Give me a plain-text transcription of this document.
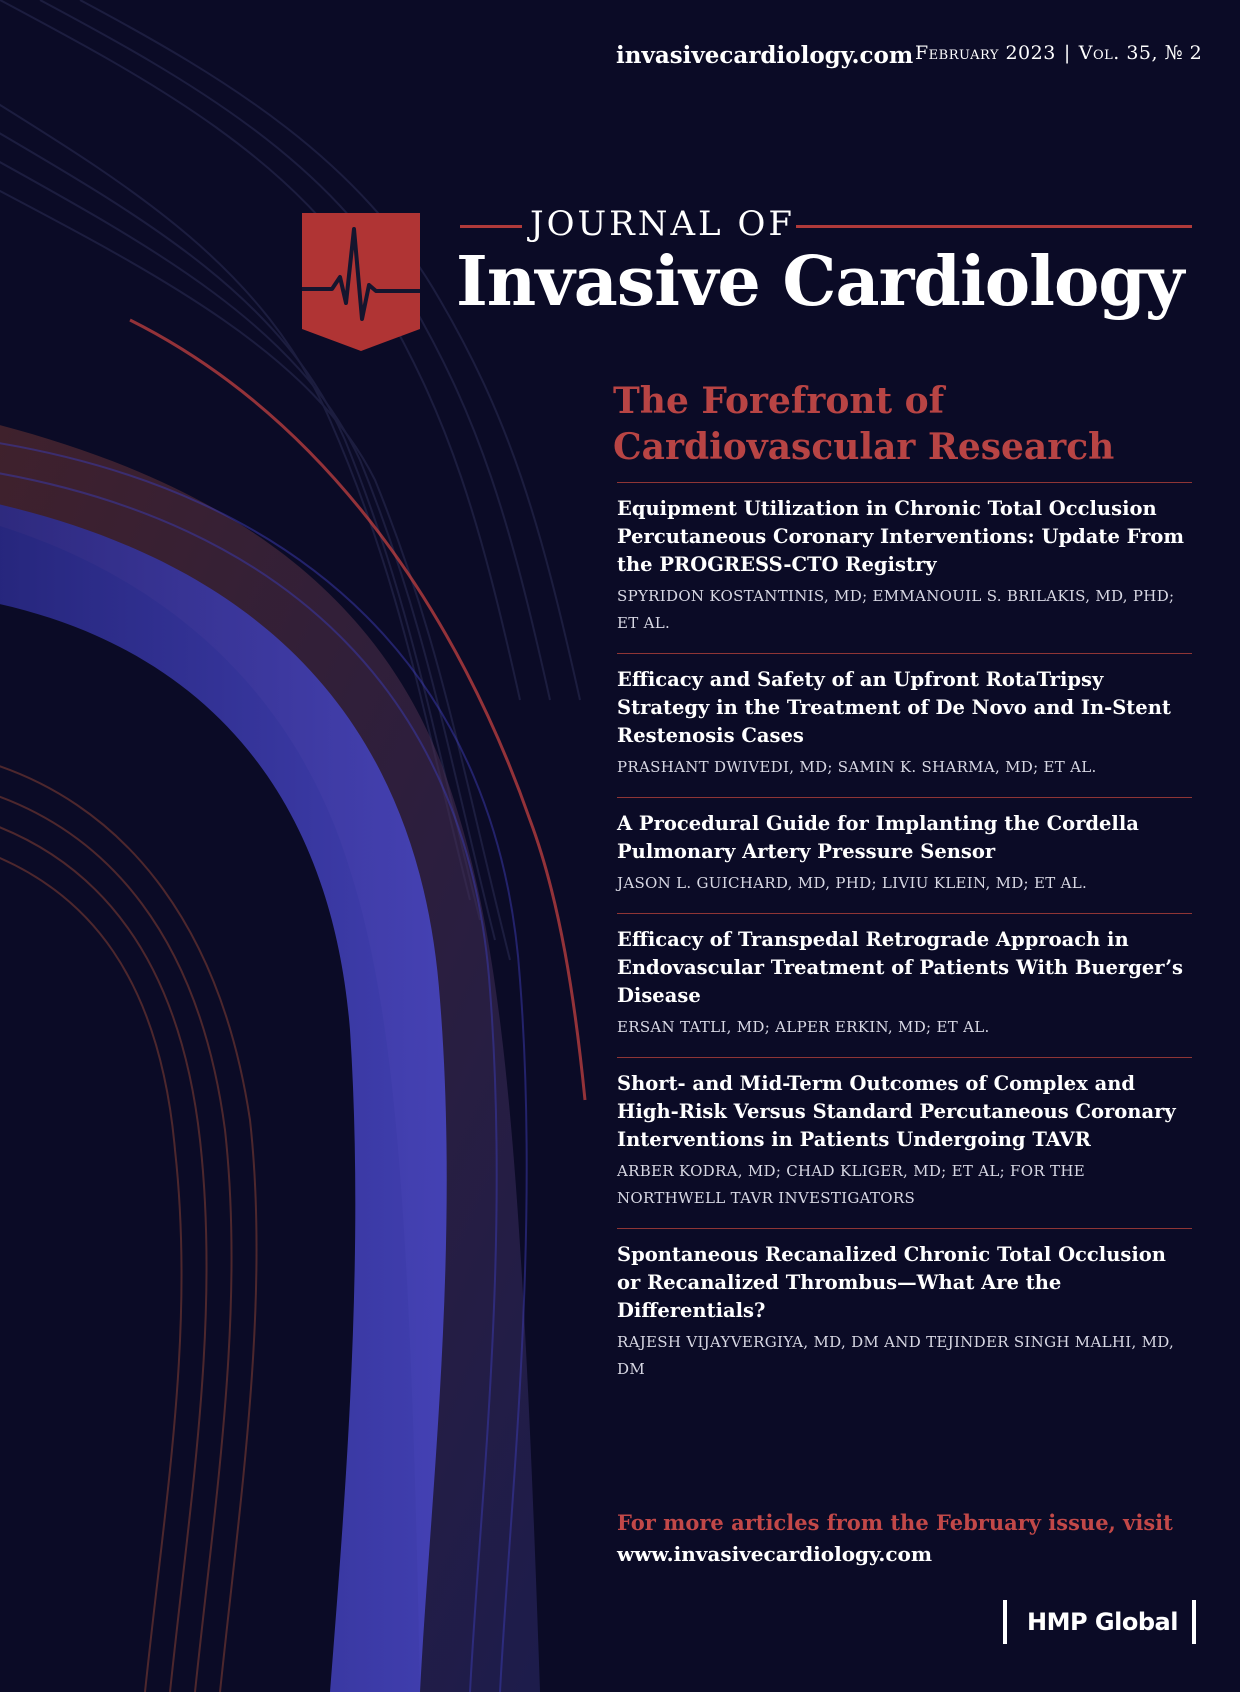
invasivecardiology.com February 2023 | Vol. 35, № 2
JOURNAL OF
Invasive Cardiology
The Forefront of
Cardiovascular Research
Equipment Utilization in Chronic Total Occlusion Percutaneous Coronary Interventions: Update From the PROGRESS-CTO Registry
SPYRIDON KOSTANTINIS, MD; EMMANOUIL S. BRILAKIS, MD, PHD; ET AL.
Efficacy and Safety of an Upfront RotaTripsy Strategy in the Treatment of De Novo and In-Stent Restenosis Cases
PRASHANT DWIVEDI, MD; SAMIN K. SHARMA, MD; ET AL.
A Procedural Guide for Implanting the Cordella Pulmonary Artery Pressure Sensor
JASON L. GUICHARD, MD, PHD; LIVIU KLEIN, MD; ET AL.
Efficacy of Transpedal Retrograde Approach in Endovascular Treatment of Patients With Buerger’s Disease
ERSAN TATLI, MD; ALPER ERKIN, MD; ET AL.
Short- and Mid-Term Outcomes of Complex and High-Risk Versus Standard Percutaneous Coronary Interventions in Patients Undergoing TAVR
ARBER KODRA, MD; CHAD KLIGER, MD; ET AL; FOR THE NORTHWELL TAVR INVESTIGATORS
Spontaneous Recanalized Chronic Total Occlusion or Recanalized Thrombus—What Are the Differentials?
RAJESH VIJAYVERGIYA, MD, DM AND TEJINDER SINGH MALHI, MD, DM
For more articles from the February issue, visit
www.invasivecardiology.com
HMP Global
